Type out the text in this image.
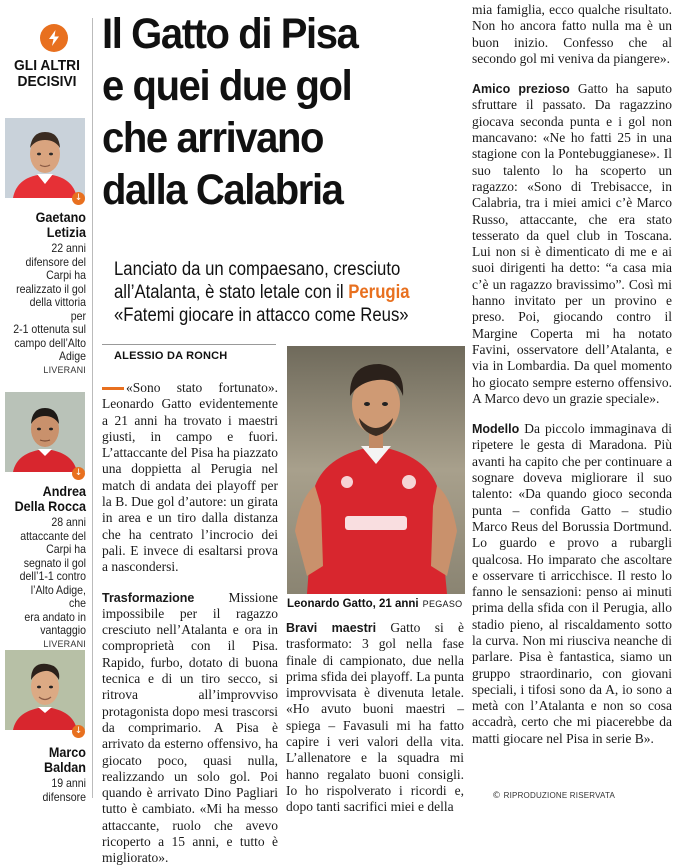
GLI ALTRI
DECISIVI
↓
Gaetano
Letizia
22 anni
difensore del
Carpi ha
realizzato il gol
della vittoria per
2-1 ottenuta sul
campo dell’Alto
Adige
LIVERANI
↓
Andrea
Della Rocca
28 anni
attaccante del
Carpi ha
segnato il gol
dell’1-1 contro
l’Alto Adige, che
era andato in
vantaggio
LIVERANI
↓
Marco
Baldan
19 anni
difensore
Il Gatto di Pisa
e quei due gol
che arrivano
dalla Calabria
Lanciato da un compaesano, cresciuto
all’Atalanta, è stato letale con il Perugia
«Fatemi giocare in attacco come Reus»
ALESSIO DA RONCH

«Sono stato fortunato». Leonardo Gatto evidentemente a 21 anni ha trovato i maestri giusti, in campo e fuori. L’attaccante del Pisa ha piazzato una doppietta al Perugia nel match di andata dei playoff per la B. Due gol d’autore: un girata in area e un tiro dalla distanza che ha centrato l’incrocio dei pali. E invece di esaltarsi prova a nascondersi.

Trasformazione Missione impossibile per il ragazzo cresciuto nell’Atalanta e ora in comproprietà con il Pisa. Rapido, furbo, dotato di buona tecnica e di un tiro secco, si ritrova all’improvviso protagonista dopo mesi trascorsi da comprimario. A Pisa è arrivato da esterno offensivo, ha giocato poco, quasi nulla, realizzando un solo gol. Poi quando è arrivato Dino Pagliari tutto è cambiato. «Mi ha messo attaccante, ruolo che avevo ricoperto a 15 anni, e tutto è migliorato».

Leonardo Gatto, 21 anni PEGASO

Bravi maestri Gatto si è trasformato: 3 gol nella fase finale di campionato, due nella prima sfida dei playoff. La punta improvvisata è divenuta letale. «Ho avuto buoni maestri – spiega – Favasuli mi ha fatto capire i veri valori della vita. L’allenatore e la squadra mi hanno regalato buoni consigli. Io ho rispolverato i ricordi e, dopo tanti sacrifici miei e della

mia famiglia, ecco qualche risultato. Non ho ancora fatto nulla ma è un buon inizio. Confesso che al secondo gol mi veniva da piangere».

Amico prezioso Gatto ha saputo sfruttare il passato. Da ragazzino giocava seconda punta e i gol non mancavano: «Ne ho fatti 25 in una stagione con la Pontebuggianese». Il suo talento lo ha scoperto un ragazzo: «Sono di Trebisacce, in Calabria, tra i miei amici c’è Marco Russo, attaccante, che era stato tesserato da quel club in Toscana. Lui non si è dimenticato di me e ai suoi dirigenti ha detto: “a casa mia c’è un ragazzo bravissimo”. Così mi hanno invitato per un provino e preso. Poi, giocando contro il Margine Coperta mi ha notato Favini, osservatore dell’Atalanta, e via in Lombardia. Da quel momento ho giocato sempre esterno offensivo. A Marco devo un grazie speciale».

Modello Da piccolo immaginava di ripetere le gesta di Maradona. Più avanti ha capito che per continuare a sognare doveva migliorare il suo talento: «Da quando gioco seconda punta – confida Gatto – studio Marco Reus del Borussia Dortmund. Lo guardo e provo a rubargli qualcosa. Ho imparato che ascoltare e osservare ti arricchisce. Il resto lo fanno le sensazioni: penso ai minuti prima della sfida con il Perugia, allo stadio pieno, al riscaldamento sotto la curva. Non mi riusciva neanche di parlare. Pisa è fantastica, siamo un gruppo straordinario, con giovani speciali, i tifosi sono da A, io sono a metà con l’Atalanta e non so cosa accadrà, certo che mi piacerebbe da matti giocare nel Pisa in serie B».

© RIPRODUZIONE RISERVATA
